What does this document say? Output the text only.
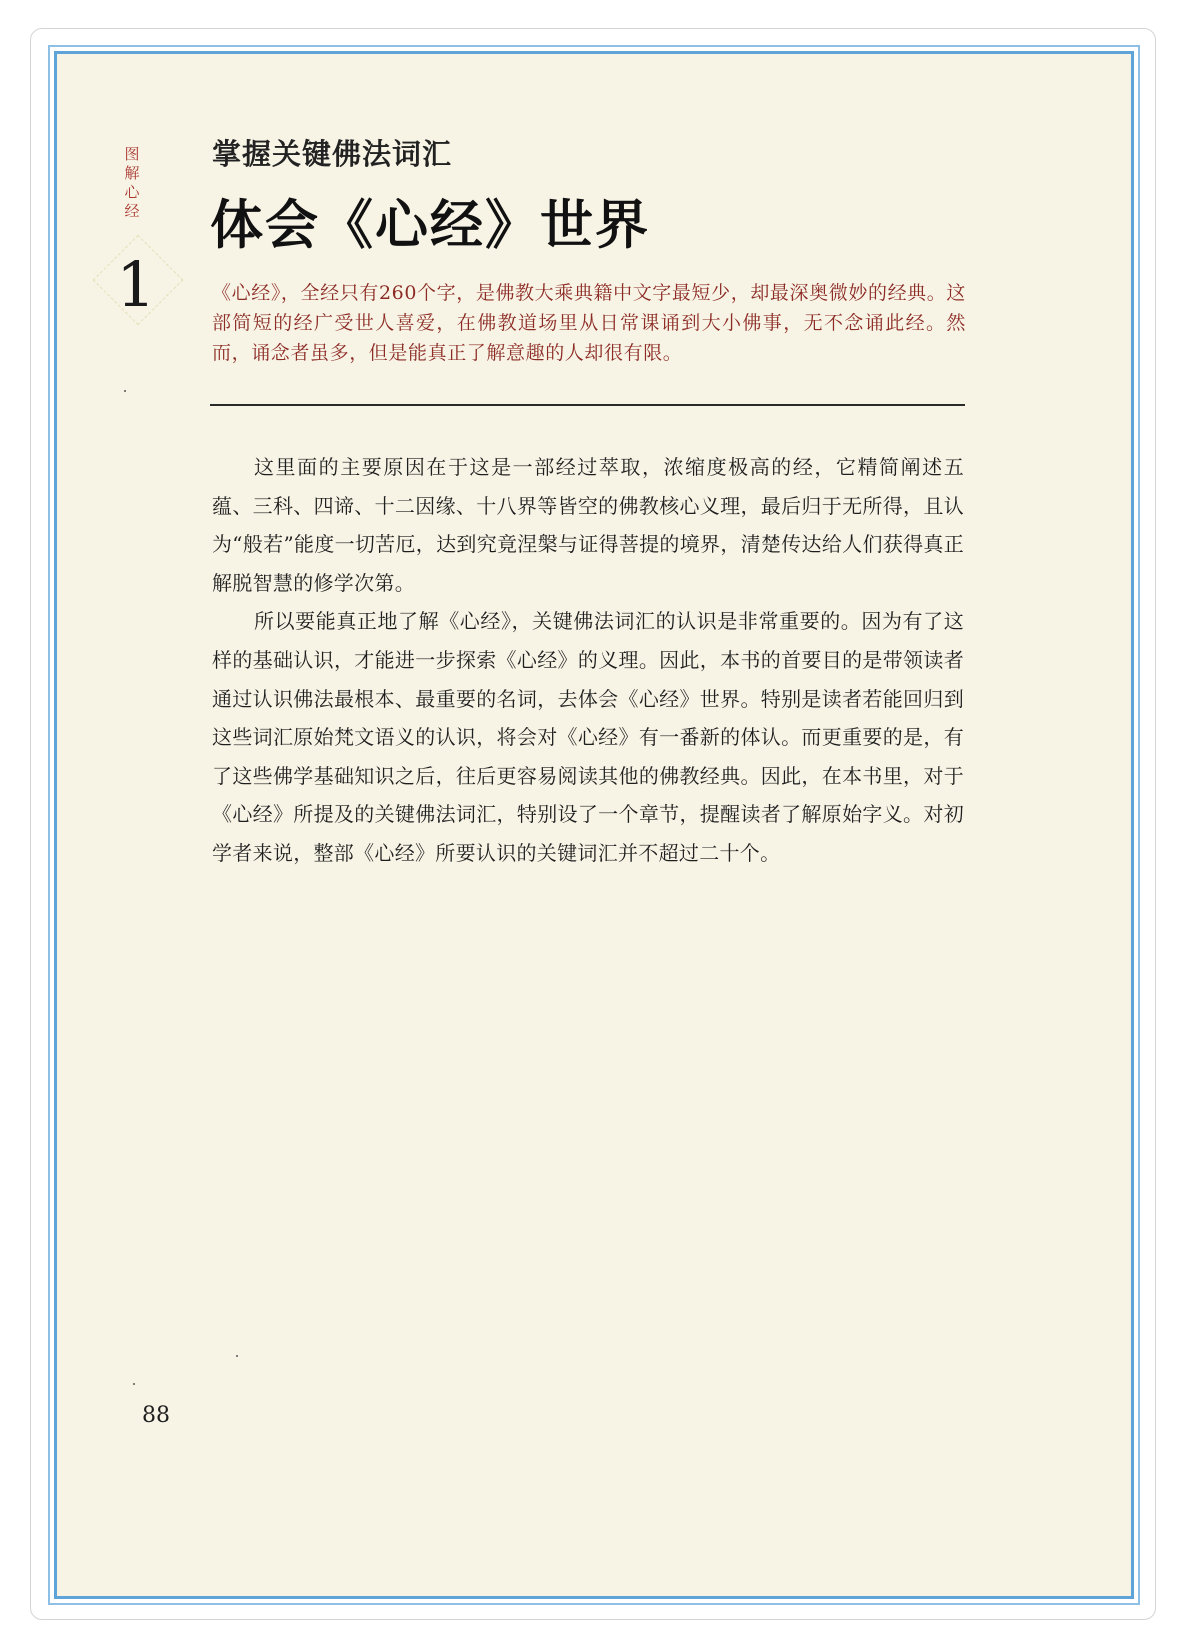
图解心经
1
掌握关键佛法词汇
体会《心经》世界
《心经》，全经只有260个字，是佛教大乘典籍中文字最短少，却最深奥微妙的经典。这部简短的经广受世人喜爱，在佛教道场里从日常课诵到大小佛事，无不念诵此经。然而，诵念者虽多，但是能真正了解意趣的人却很有限。

这里面的主要原因在于这是一部经过萃取，浓缩度极高的经，它精简阐述五蕴、三科、四谛、十二因缘、十八界等皆空的佛教核心义理，最后归于无所得，且认为“般若”能度一切苦厄，达到究竟涅槃与证得菩提的境界，清楚传达给人们获得真正解脱智慧的修学次第。

所以要能真正地了解《心经》，关键佛法词汇的认识是非常重要的。因为有了这样的基础认识，才能进一步探索《心经》的义理。因此，本书的首要目的是带领读者通过认识佛法最根本、最重要的名词，去体会《心经》世界。特别是读者若能回归到这些词汇原始梵文语义的认识，将会对《心经》有一番新的体认。而更重要的是，有了这些佛学基础知识之后，往后更容易阅读其他的佛教经典。因此，在本书里，对于《心经》所提及的关键佛法词汇，特别设了一个章节，提醒读者了解原始字义。对初学者来说，整部《心经》所要认识的关键词汇并不超过二十个。

88
